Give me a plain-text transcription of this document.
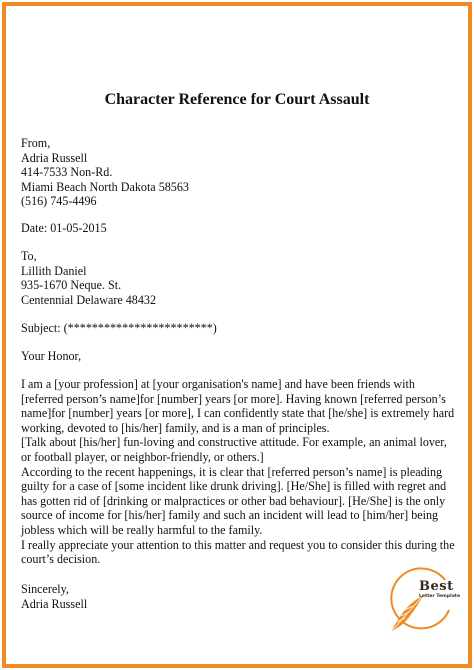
Character Reference for Court Assault
From,
Adria Russell
414-7533 Non-Rd.
Miami Beach North Dakota 58563
(516) 745-4496
Date: 01-05-2015
To,
Lillith Daniel
935-1670 Neque. St.
Centennial Delaware 48432
Subject: (************************)
Your Honor,
I am a [your profession] at [your organisation's name] and have been friends with [referred person’s name]for [number] years [or more]. Having known [referred person’s name]for [number] years [or more], I can confidently state that [he/she] is extremely hard working, devoted to [his/her] family, and is a man of principles.
[Talk about [his/her] fun-loving and constructive attitude. For example, an animal lover, or football player, or neighbor-friendly, or others.]
According to the recent happenings, it is clear that [referred person’s name] is pleading guilty for a case of [some incident like drunk driving]. [He/She] is filled with regret and has gotten rid of [drinking or malpractices or other bad behaviour]. [He/She] is the only source of income for [his/her] family and such an incident will lead to [him/her] being jobless which will be really harmful to the family.
I really appreciate your attention to this matter and request you to consider this during the court’s decision.
Sincerely,
Adria Russell
Best
Letter Template
